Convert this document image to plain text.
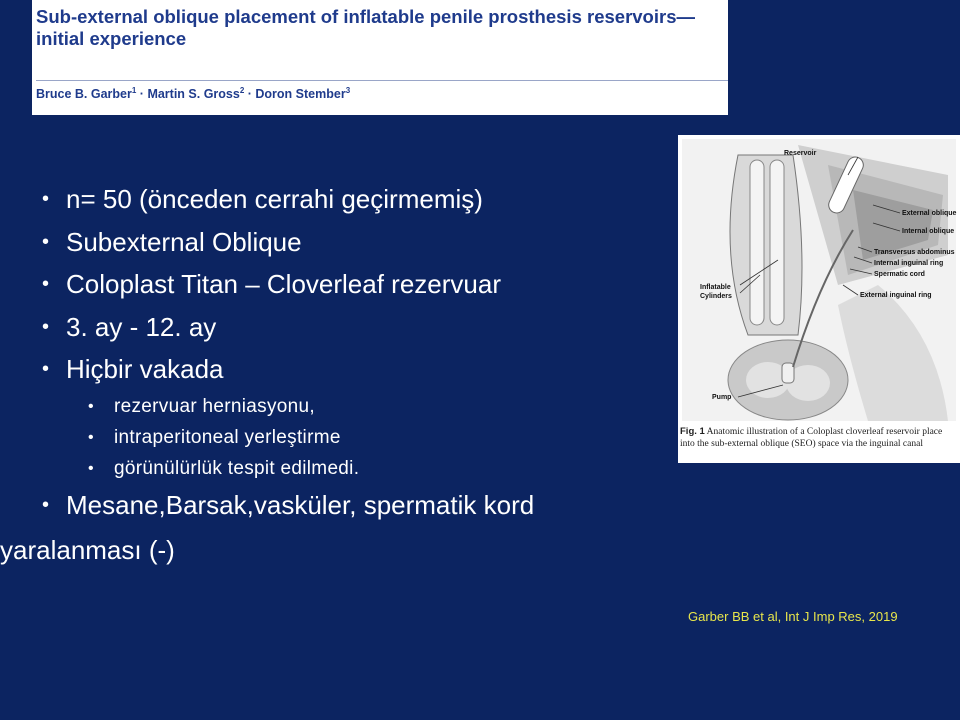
Sub-external oblique placement of inflatable penile prosthesis reservoirs—initial experience
Bruce B. Garber$^1$ · Martin S. Gross$^2$ · Doron Stember$^3$
• n= 50 (önceden cerrahi geçirmemiş)
• Subexternal Oblique
• Coloplast Titan – Cloverleaf rezervuar
• 3. ay - 12. ay
• Hiçbir vakada
• rezervuar herniasyonu,
• intraperitoneal yerleştirme
• görünülürlük tespit edilmedi.
• Mesane,Barsak,vasküler, spermatik kord
yaralanması (-)
Reservoir
External oblique
Internal oblique
Transversus abdominus
Internal inguinal ring
Spermatic cord
External inguinal ring
Inflatable
Cylinders
Pump
Fig. 1 Anatomic illustration of a Coloplast cloverleaf reservoir place
into the sub-external oblique (SEO) space via the inguinal canal
Garber BB et al, Int J Imp Res, 2019
